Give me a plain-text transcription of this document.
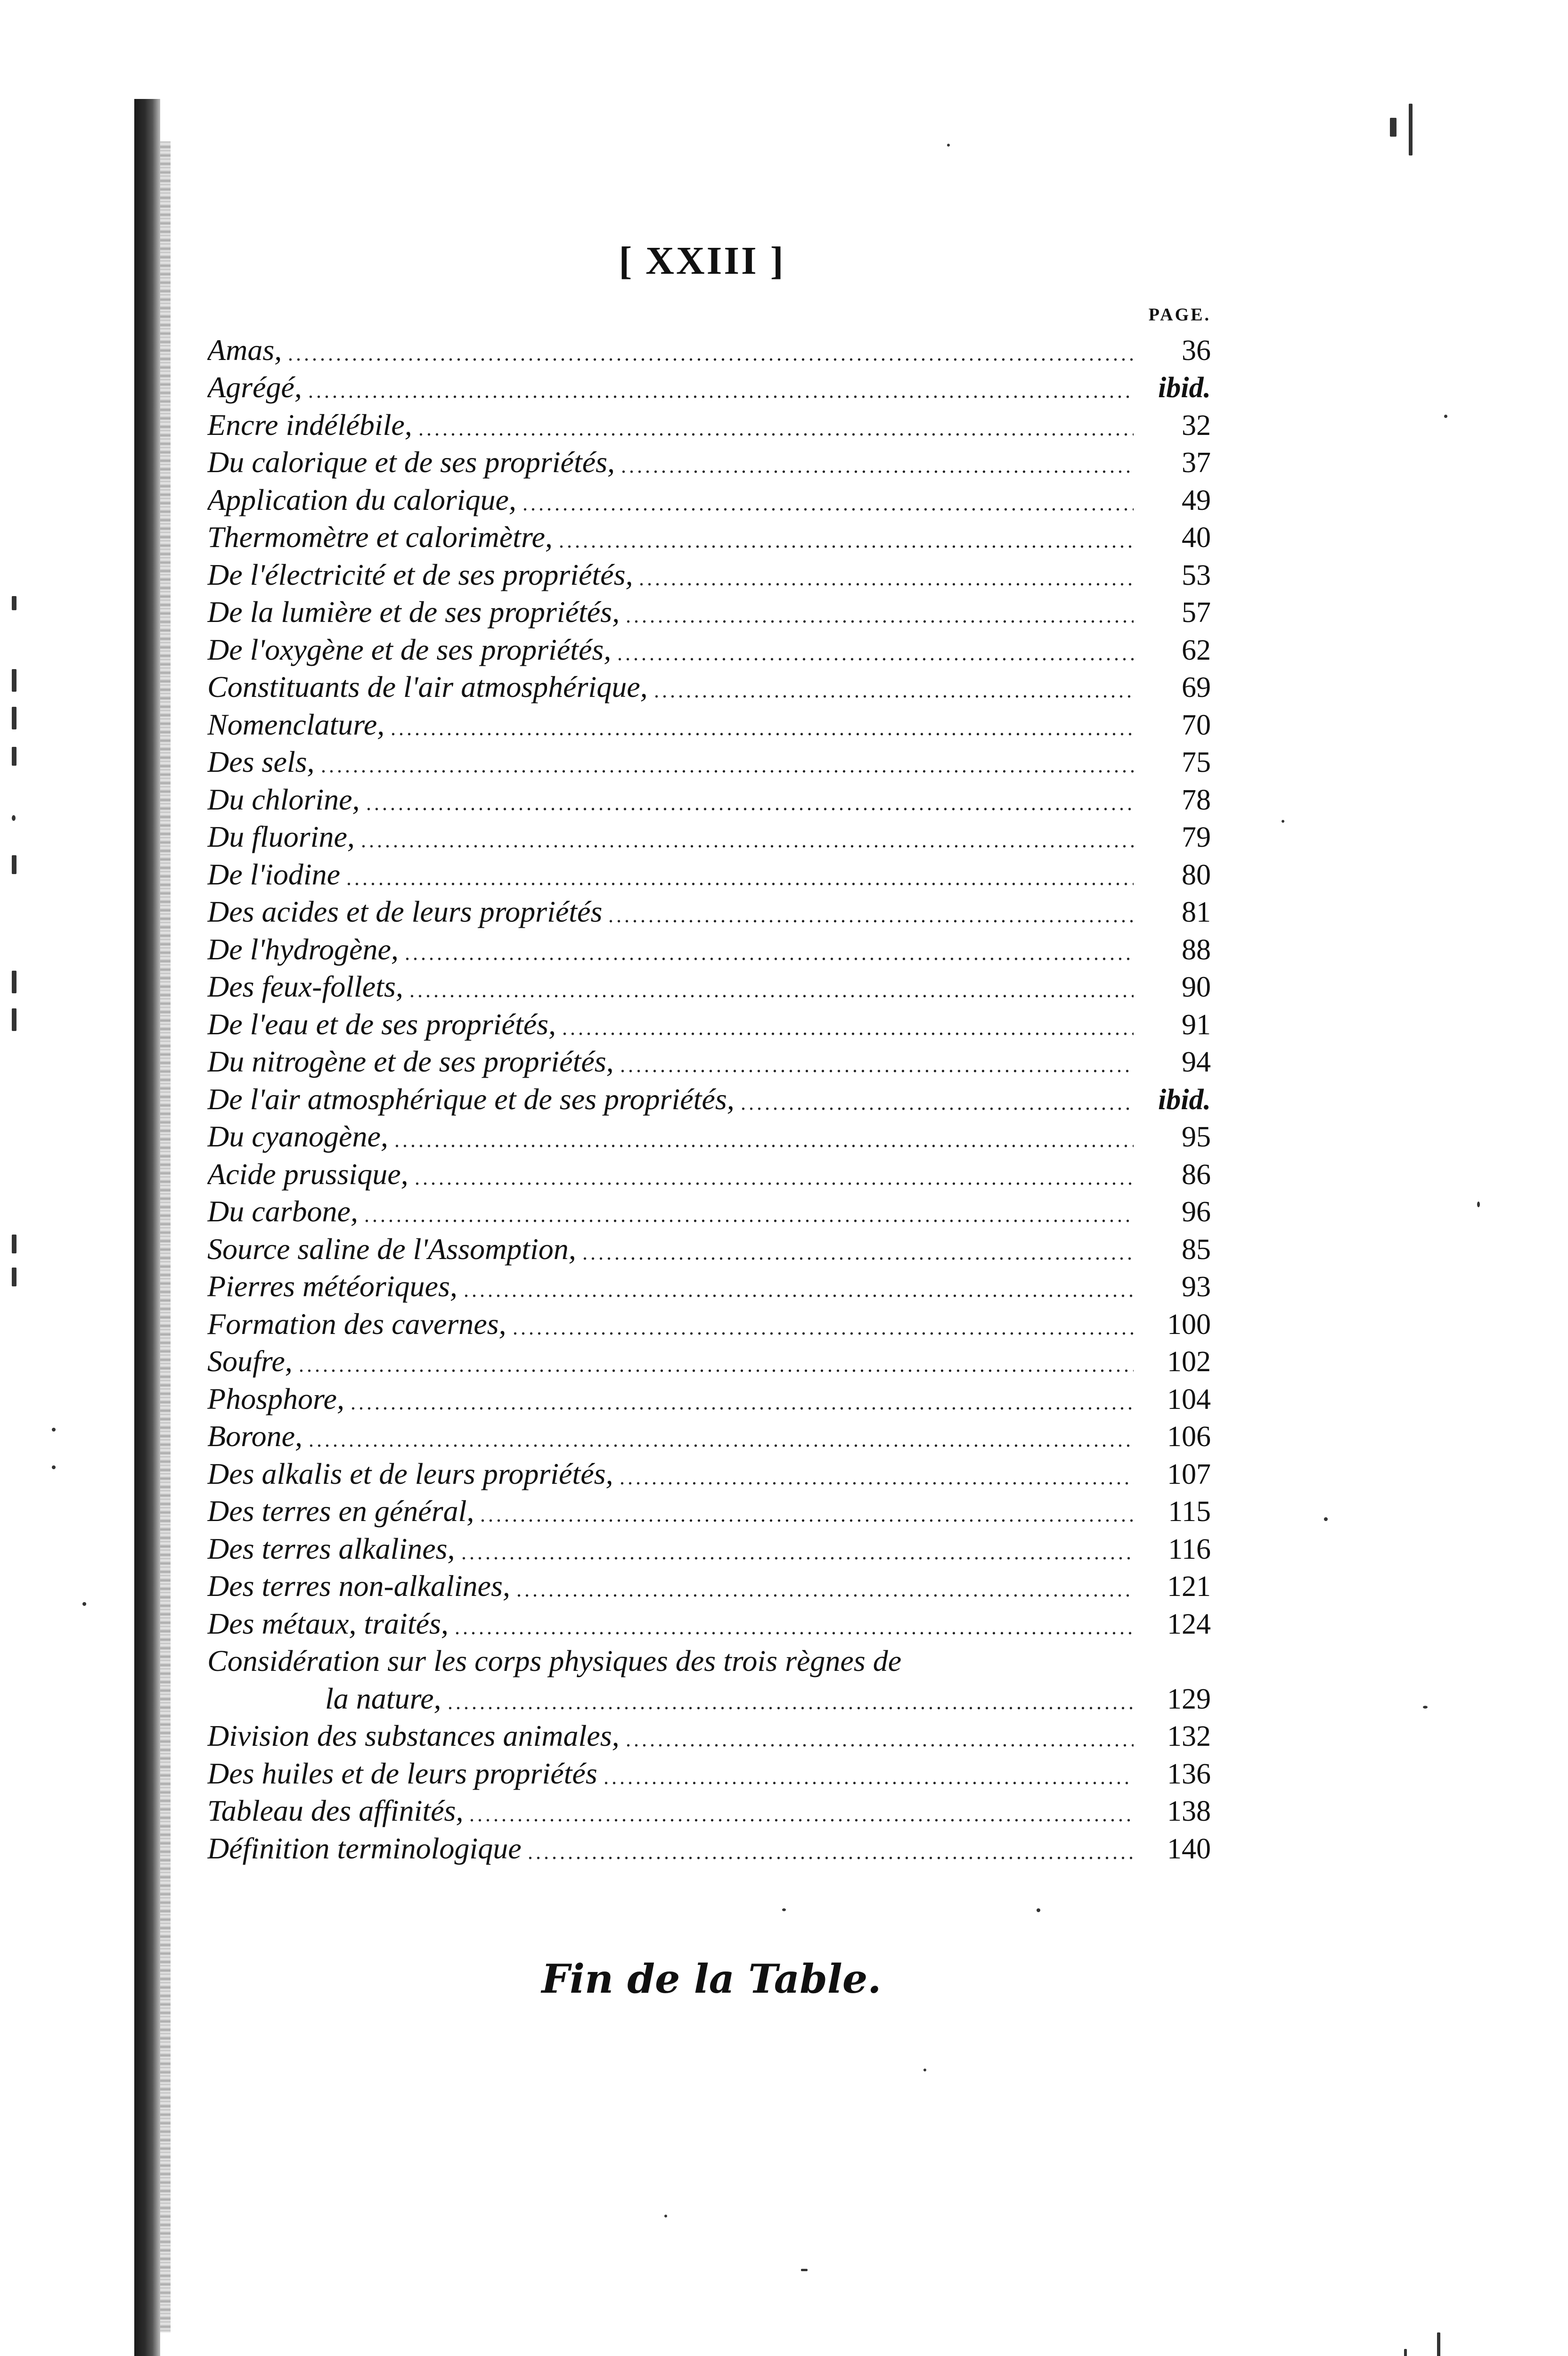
[ XXIII ]
PAGE.
Amas,	36
Agrégé,	ibid.
Encre indélébile,	32
Du calorique et de ses propriétés,	37
Application du calorique,	49
Thermomètre et calorimètre,	40
De l'électricité et de ses propriétés,	53
De la lumière et de ses propriétés,	57
De l'oxygène et de ses propriétés,	62
Constituants de l'air atmosphérique,	69
Nomenclature,	70
Des sels,	75
Du chlorine,	78
Du fluorine,	79
De l'iodine	80
Des acides et de leurs propriétés	81
De l'hydrogène,	88
Des feux-follets,	90
De l'eau et de ses propriétés,	91
Du nitrogène et de ses propriétés,	94
De l'air atmosphérique et de ses propriétés,	ibid.
Du cyanogène,	95
Acide prussique,	86
Du carbone,	96
Source saline de l'Assomption,	85
Pierres météoriques,	93
Formation des cavernes,	100
Soufre,	102
Phosphore,	104
Borone,	106
Des alkalis et de leurs propriétés,	107
Des terres en général,	115
Des terres alkalines,	116
Des terres non-alkalines,	121
Des métaux, traités,	124
Considération sur les corps physiques des trois règnes de
la nature,	129
Division des substances animales,	132
Des huiles et de leurs propriétés	136
Tableau des affinités,	138
Définition terminologique	140
Fin de la Table.
